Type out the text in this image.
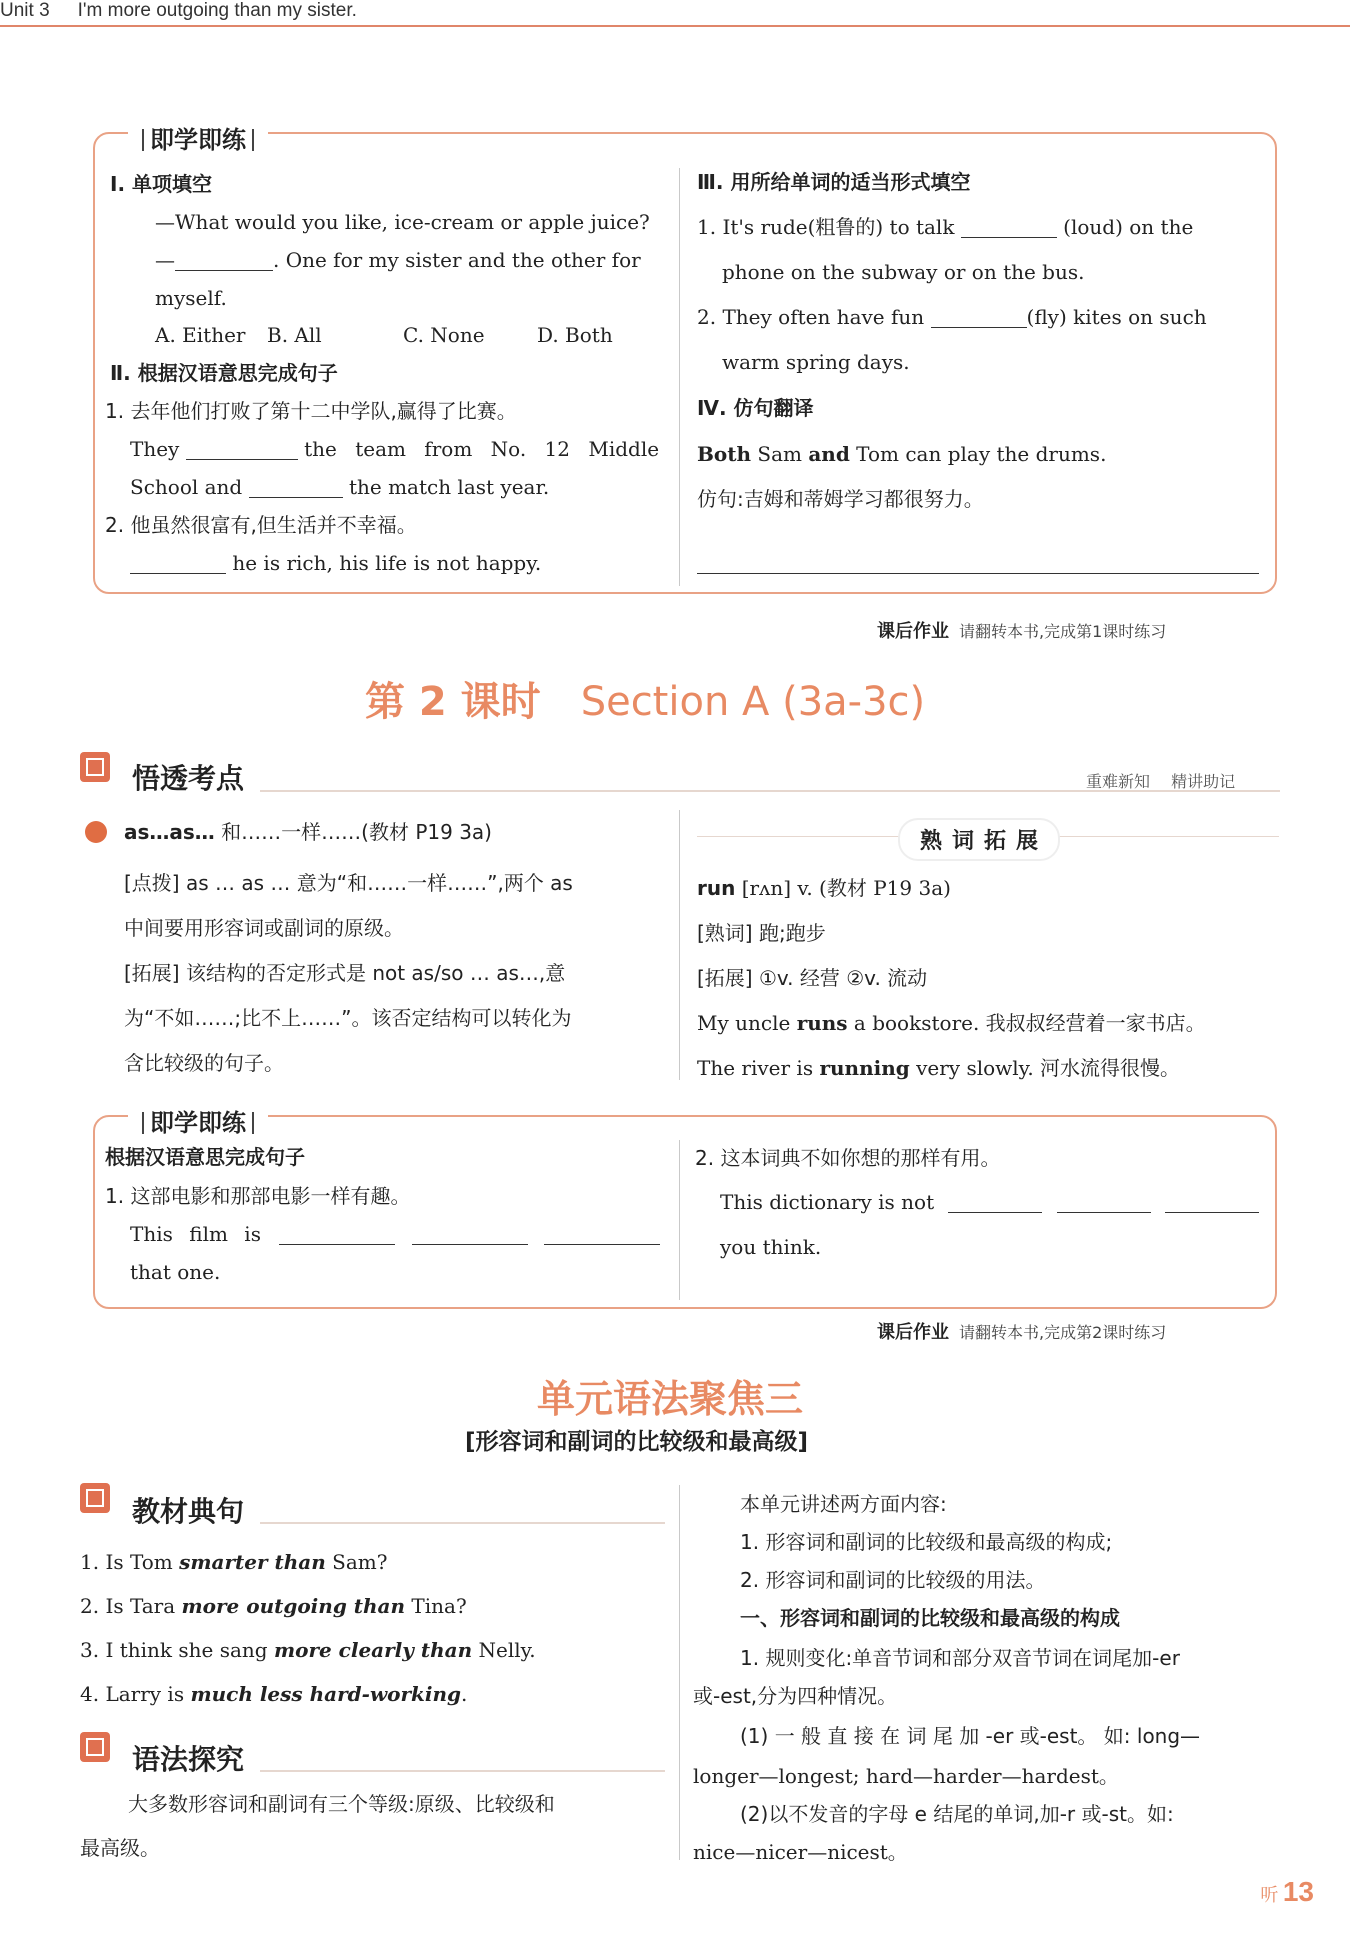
Unit 3 I'm more outgoing than my sister.
即学即练
Ⅰ. 单项填空
—What would you like, ice-cream or apple juice?
—	. One for my sister and the other for
myself.
A. Either B. All	C. None	D. Both
Ⅱ. 根据汉语意思完成句子
1. 去年他们打败了第十二中学队,赢得了比赛。
They	the team from No. 12 Middle
School and	the match last year.
2. 他虽然很富有,但生活并不幸福。
he is rich, his life is not happy.
Ⅲ. 用所给单词的适当形式填空
1. It's rude(粗鲁的) to talk	(loud) on the
phone on the subway or on the bus.
2. They often have fun	(fly) kites on such
warm spring days.
Ⅳ. 仿句翻译
Both Sam and Tom can play the drums.
仿句:吉姆和蒂姆学习都很努力。
课后作业 请翻转本书,完成第1课时练习
第 2 课时 Section A (3a-3c)
悟透考点	重难新知 精讲助记
as…as… 和……一样……(教材 P19 3a)
[点拨] as … as … 意为“和……一样……”,两个 as
中间要用形容词或副词的原级。
[拓展] 该结构的否定形式是 not as/so … as…,意
为“不如……;比不上……”。该否定结构可以转化为
含比较级的句子。
熟词拓展
run [rʌn] v. (教材 P19 3a)
[熟词] 跑;跑步
[拓展] ①v. 经营 ②v. 流动
My uncle runs a bookstore. 我叔叔经营着一家书店。
The river is running very slowly. 河水流得很慢。
即学即练
根据汉语意思完成句子
1. 这部电影和那部电影一样有趣。
This film is
that one.
2. 这本词典不如你想的那样有用。
This dictionary is not
you think.
课后作业 请翻转本书,完成第2课时练习
单元语法聚焦三
[形容词和副词的比较级和最高级]
教材典句
1. Is Tom smarter than Sam?
2. Is Tara more outgoing than Tina?
3. I think she sang more clearly than Nelly.
4. Larry is much less hard-working.
语法探究
大多数形容词和副词有三个等级:原级、比较级和
最高级。
本单元讲述两方面内容:
1. 形容词和副词的比较级和最高级的构成;
2. 形容词和副词的比较级的用法。
一、形容词和副词的比较级和最高级的构成
1. 规则变化:单音节词和部分双音节词在词尾加-er
或-est,分为四种情况。
(1) 一 般 直 接 在 词 尾 加 -er 或-est。 如: long—
longer—longest; hard—harder—hardest。
(2)以不发音的字母 e 结尾的单词,加-r 或-st。如:
nice—nicer—nicest。
听 13
